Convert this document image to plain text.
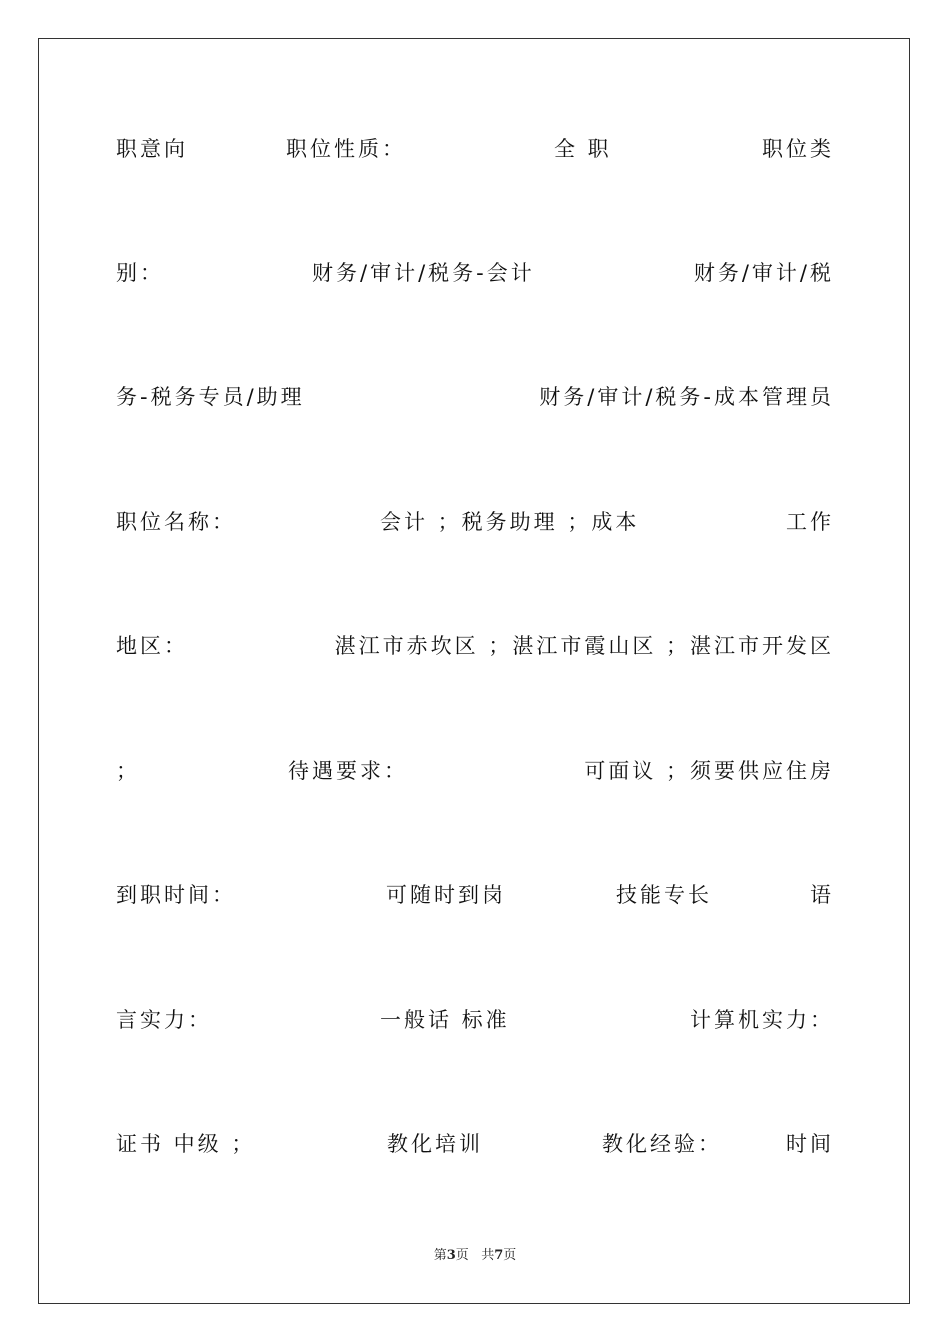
职意向	职位性质：	全 职	职位类
别：	财务/审计/税务-会计	财务/审计/税
务-税务专员/助理	财务/审计/税务-成本管理员
职位名称：	会计 ；税务助理 ；成本	工作
地区：	湛江市赤坎区 ；湛江市霞山区 ；湛江市开发区
；	待遇要求：	可面议 ；须要供应住房
到职时间：	可随时到岗	技能专长	语
言实力：	一般话 标准	计算机实力：
证书 中级 ；	教化培训	教化经验：	时间
第3页 共7页
